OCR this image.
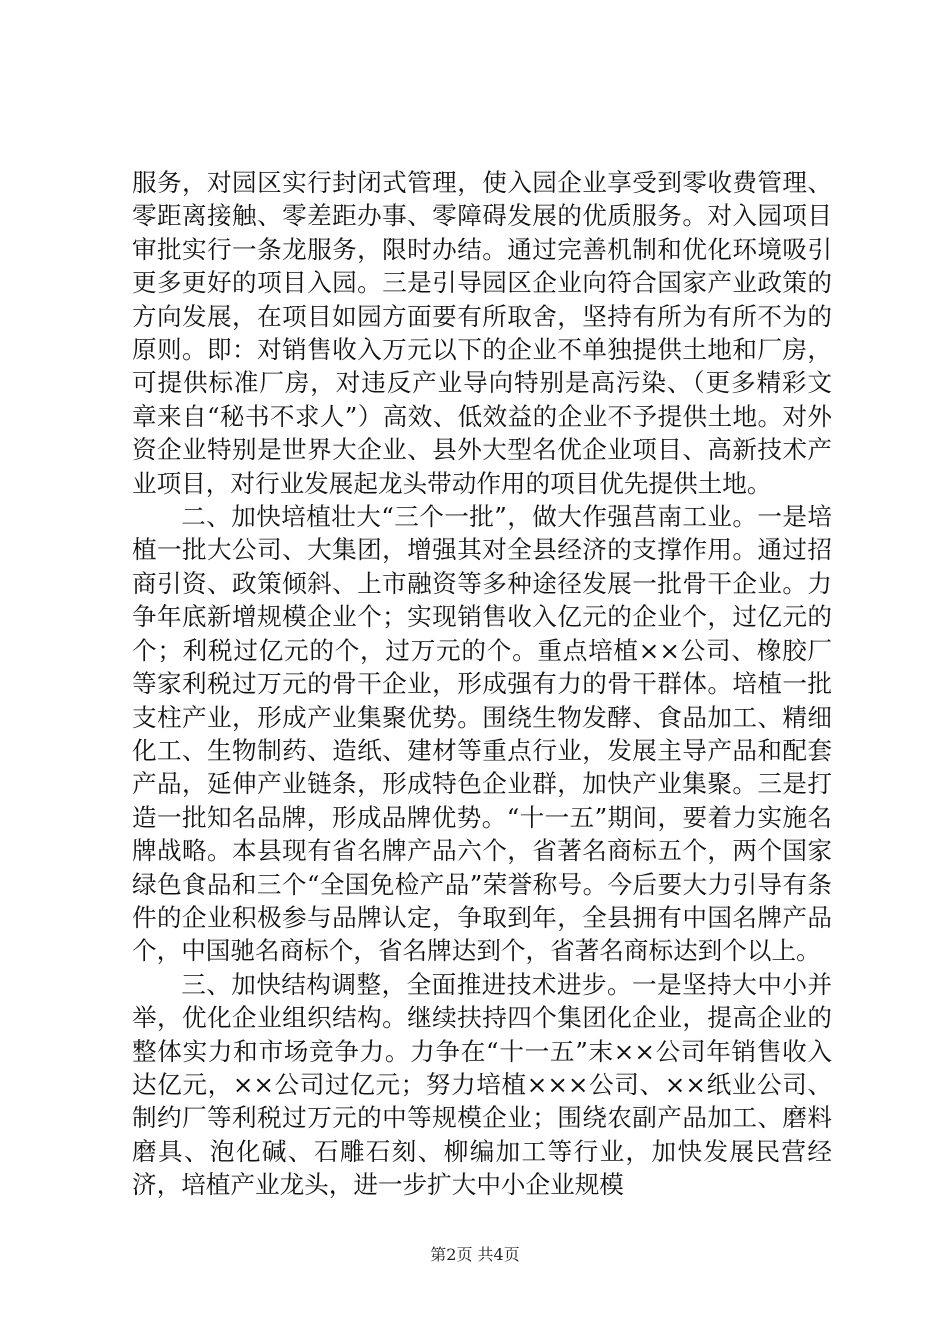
服务，对园区实行封闭式管理，使入园企业享受到零收费管理、零距离接触、零差距办事、零障碍发展的优质服务。对入园项目审批实行一条龙服务，限时办结。通过完善机制和优化环境吸引更多更好的项目入园。三是引导园区企业向符合国家产业政策的方向发展，在项目如园方面要有所取舍，坚持有所为有所不为的原则。即：对销售收入万元以下的企业不单独提供土地和厂房，可提供标准厂房，对违反产业导向特别是高污染、（更多精彩文章来自“秘书不求人”）高效、低效益的企业不予提供土地。对外资企业特别是世界大企业、县外大型名优企业项目、高新技术产业项目，对行业发展起龙头带动作用的项目优先提供土地。

二、加快培植壮大“三个一批”，做大作强莒南工业。一是培植一批大公司、大集团，增强其对全县经济的支撑作用。通过招商引资、政策倾斜、上市融资等多种途径发展一批骨干企业。力争年底新增规模企业个；实现销售收入亿元的企业个，过亿元的个；利税过亿元的个，过万元的个。重点培植××公司、橡胶厂等家利税过万元的骨干企业，形成强有力的骨干群体。培植一批支柱产业，形成产业集聚优势。围绕生物发酵、食品加工、精细化工、生物制药、造纸、建材等重点行业，发展主导产品和配套产品，延伸产业链条，形成特色企业群，加快产业集聚。三是打造一批知名品牌，形成品牌优势。“十一五”期间，要着力实施名牌战略。本县现有省名牌产品六个，省著名商标五个，两个国家绿色食品和三个“全国免检产品”荣誉称号。今后要大力引导有条件的企业积极参与品牌认定，争取到年，全县拥有中国名牌产品个，中国驰名商标个，省名牌达到个，省著名商标达到个以上。

三、加快结构调整，全面推进技术进步。一是坚持大中小并举，优化企业组织结构。继续扶持四个集团化企业，提高企业的整体实力和市场竞争力。力争在“十一五”末××公司年销售收入达亿元，××公司过亿元；努力培植×××公司、××纸业公司、制约厂等利税过万元的中等规模企业；围绕农副产品加工、磨料磨具、泡化碱、石雕石刻、柳编加工等行业，加快发展民营经济，培植产业龙头，进一步扩大中小企业规模

第2页 共4页
